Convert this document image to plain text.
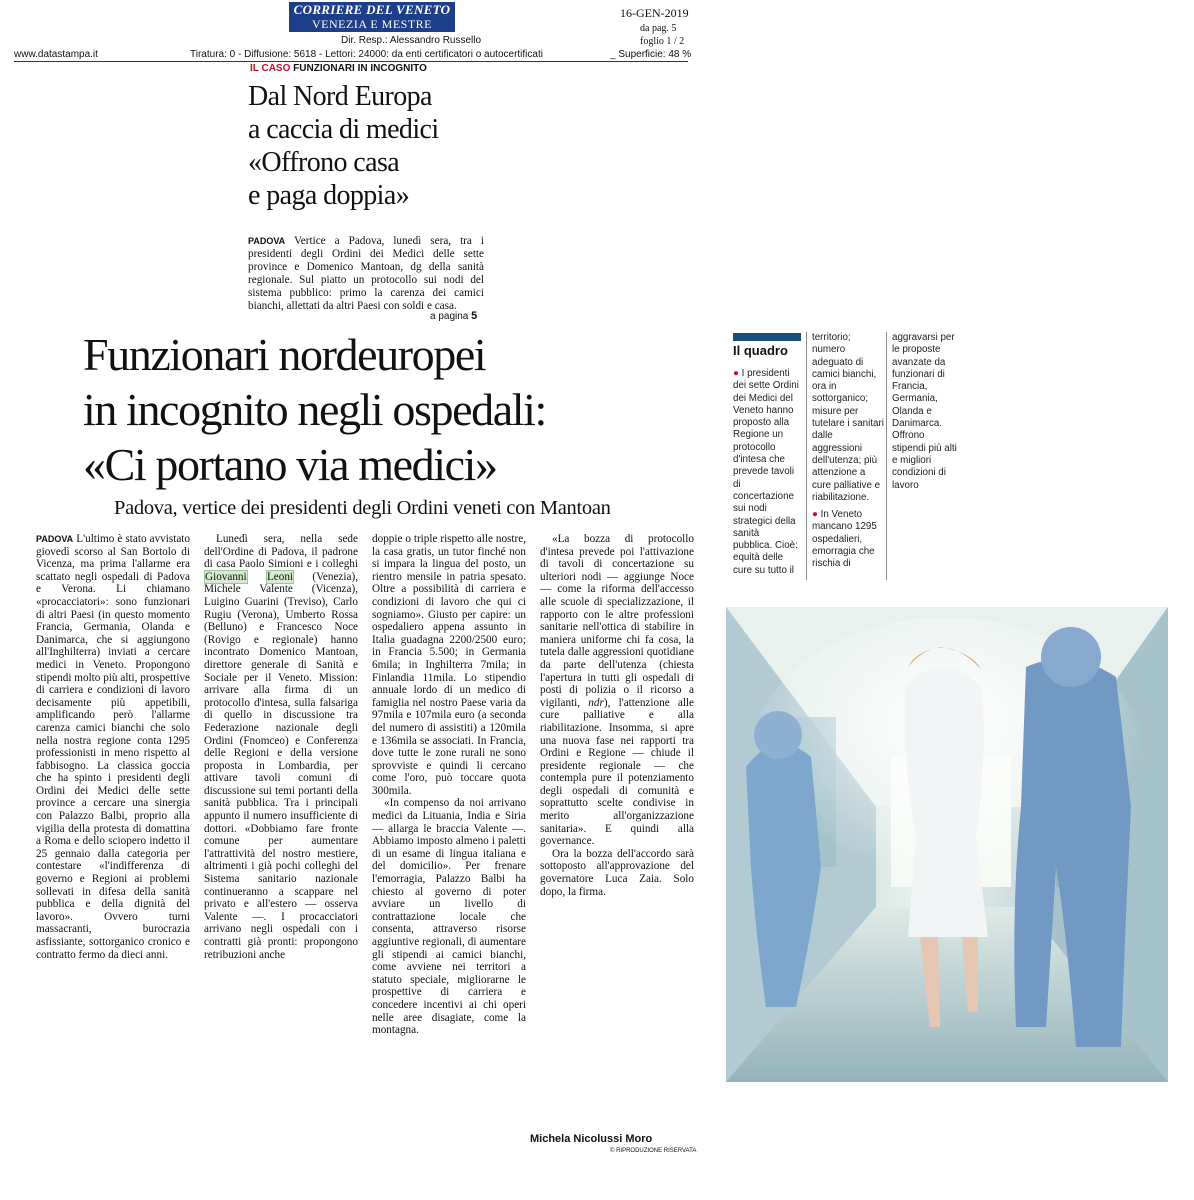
CORRIERE DEL VENETO
VENEZIA E MESTRE
Dir. Resp.: Alessandro Russello
www.datastampa.it	Tiratura: 0 - Diffusione: 5618 - Lettori: 24000: da enti certificatori o autocertificati
16-GEN-2019
da pag. 5
foglio 1 / 2
_ Superficie: 48 %
IL CASO FUNZIONARI IN INCOGNITO
Dal Nord Europa
a caccia di medici
«Offrono casa
e paga doppia»
PADOVA Vertice a Padova, lunedì sera, tra i presidenti degli Ordini dei Medici delle sette province e Domenico Mantoan, dg della sanità regionale. Sul piatto un protocollo sui nodi del sistema pubblico: primo la carenza dei camici bianchi, allettati da altri Paesi con soldi e casa.
a pagina 5
Funzionari nordeuropei
in incognito negli ospedali:
«Ci portano via medici»
Padova, vertice dei presidenti degli Ordini veneti con Mantoan

PADOVA L'ultimo è stato avvistato giovedì scorso al San Bortolo di Vicenza, ma prima l'allarme era scattato negli ospedali di Padova e Verona. Li chiamano «procacciatori»: sono funzionari di altri Paesi (in questo momento Francia, Germania, Olanda e Danimarca, che si aggiungono all'Inghilterra) inviati a cercare medici in Veneto. Propongono stipendi molto più alti, prospettive di carriera e condizioni di lavoro decisamente più appetibili, amplificando però l'allarme carenza camici bianchi che solo nella nostra regione conta 1295 professionisti in meno rispetto al fabbisogno. La classica goccia che ha spinto i presidenti degli Ordini dei Medici delle sette province a cercare una sinergia con Palazzo Balbi, proprio alla vigilia della protesta di domattina a Roma e dello sciopero indetto il 25 gennaio dalla categoria per contestare «l'indifferenza di governo e Regioni ai problemi sollevati in difesa della sanità pubblica e della dignità del lavoro». Ovvero turni massacranti, burocrazia asfissiante, sottorganico cronico e contratto fermo da dieci anni.

Lunedì sera, nella sede dell'Ordine di Padova, il padrone di casa Paolo Simioni e i colleghi Giovanni Leoni (Venezia), Michele Valente (Vicenza), Luigino Guarini (Treviso), Carlo Rugiu (Verona), Umberto Rossa (Belluno) e Francesco Noce (Rovigo e regionale) hanno incontrato Domenico Mantoan, direttore generale di Sanità e Sociale per il Veneto. Mission: arrivare alla firma di un protocollo d'intesa, sulla falsariga di quello in discussione tra Federazione nazionale degli Ordini (Fnomceo) e Conferenza delle Regioni e della versione proposta in Lombardia, per attivare tavoli comuni di discussione sui temi portanti della sanità pubblica. Tra i principali appunto il numero insufficiente di dottori. «Dobbiamo fare fronte comune per aumentare l'attrattività del nostro mestiere, altrimenti i già pochi colleghi del Sistema sanitario nazionale continueranno a scappare nel privato e all'estero — osserva Valente —. I procacciatori arrivano negli ospedali con i contratti già pronti: propongono retribuzioni anche

doppie o triple rispetto alle nostre, la casa gratis, un tutor finché non si impara la lingua del posto, un rientro mensile in patria spesato. Oltre a possibilità di carriera e condizioni di lavoro che qui ci sogniamo». Giusto per capire: un ospedaliero appena assunto in Italia guadagna 2200/2500 euro; in Francia 5.500; in Germania 6mila; in Inghilterra 7mila; in Finlandia 11mila. Lo stipendio annuale lordo di un medico di famiglia nel nostro Paese varia da 97mila e 107mila euro (a seconda del numero di assistiti) a 120mila e 136mila se associati. In Francia, dove tutte le zone rurali ne sono sprovviste e quindi li cercano come l'oro, può toccare quota 300mila.

«In compenso da noi arrivano medici da Lituania, India e Siria — allarga le braccia Valente —. Abbiamo imposto almeno i paletti di un esame di lingua italiana e del domicilio». Per frenare l'emorragia, Palazzo Balbi ha chiesto al governo di poter avviare un livello di contrattazione locale che consenta, attraverso risorse aggiuntive regionali, di aumentare gli stipendi ai camici bianchi, come avviene nei territori a statuto speciale, migliorarne le prospettive di carriera e concedere incentivi ai chi operi nelle aree disagiate, come la montagna.

«La bozza di protocollo d'intesa prevede poi l'attivazione di tavoli di concertazione su ulteriori nodi — aggiunge Noce — come la riforma dell'accesso alle scuole di specializzazione, il rapporto con le altre professioni sanitarie nell'ottica di stabilire in maniera uniforme chi fa cosa, la tutela dalle aggressioni quotidiane da parte dell'utenza (chiesta l'apertura in tutti gli ospedali di posti di polizia o il ricorso a vigilanti, ndr), l'attenzione alle cure palliative e alla riabilitazione. Insomma, si apre una nuova fase nei rapporti tra Ordini e Regione — chiude il presidente regionale — che contempla pure il potenziamento degli ospedali di comunità e soprattutto scelte condivise in merito all'organizzazione sanitaria». E quindi alla governance.

Ora la bozza dell'accordo sarà sottoposto all'approvazione del governatore Luca Zaia. Solo dopo, la firma.

Michela Nicolussi Moro
© RIPRODUZIONE RISERVATA
Il quadro

● I presidenti dei sette Ordini dei Medici del Veneto hanno proposto alla Regione un protocollo d'intesa che prevede tavoli di concertazione sui nodi strategici della sanità pubblica. Cioè: equità delle cure su tutto il

territorio; numero adeguato di camici bianchi, ora in sottorganico; misure per tutelare i sanitari dalle aggressioni dell'utenza; più attenzione a cure palliative e riabilitazione.

● In Veneto mancano 1295 ospedalieri, emorragia che rischia di

aggravarsi per le proposte avanzate da funzionari di Francia, Germania, Olanda e Danimarca. Offrono stipendi più alti e migliori condizioni di lavoro
